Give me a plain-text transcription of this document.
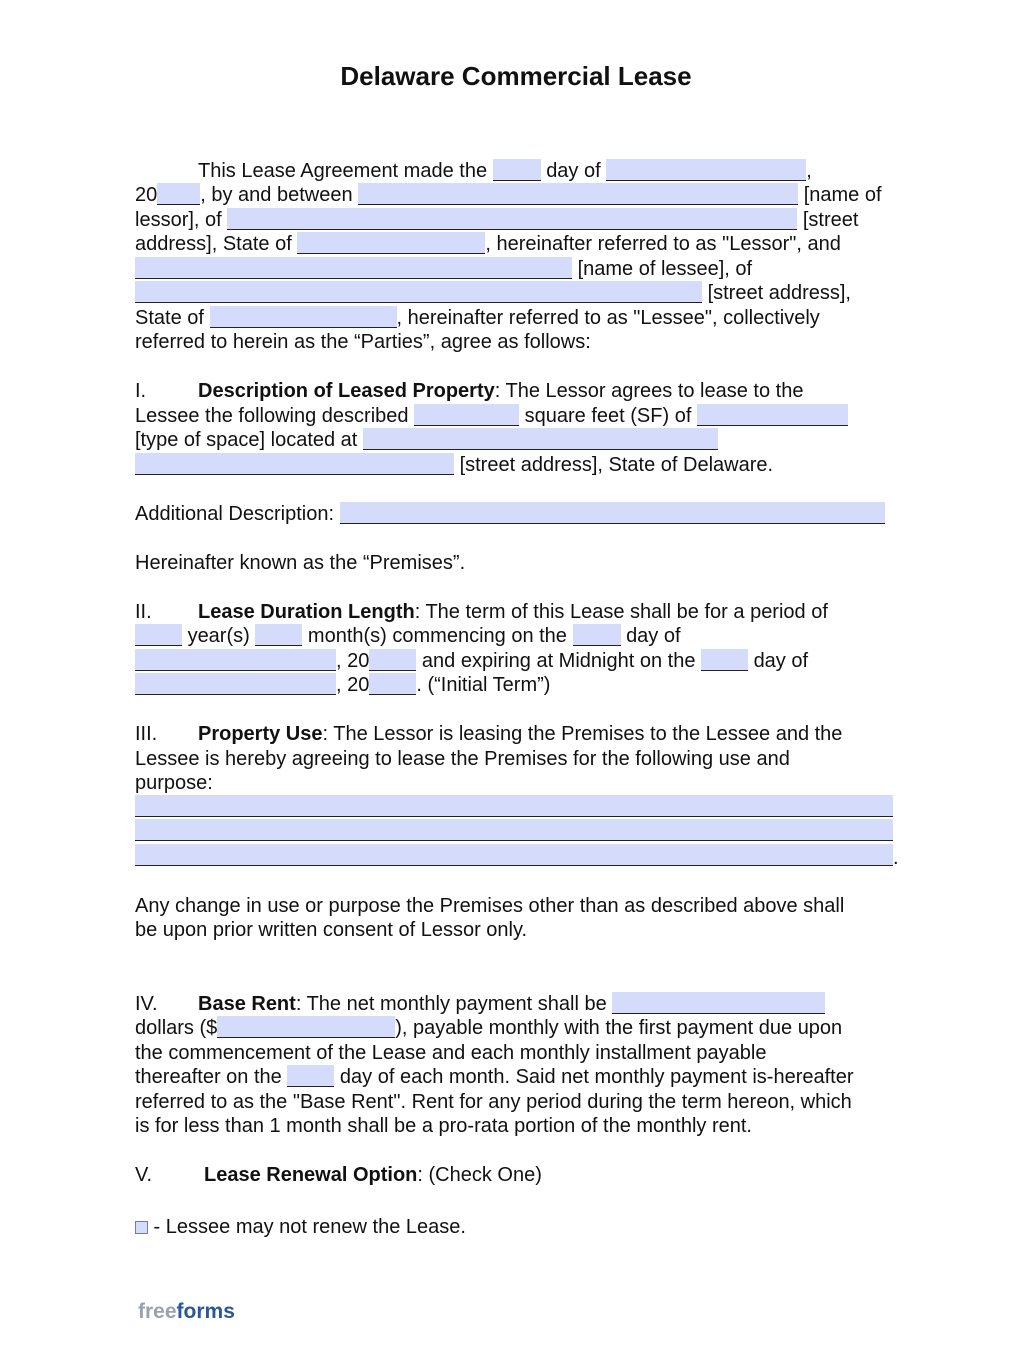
Delaware Commercial Lease
This Lease Agreement made the	day of	,
20 , by and between	[name of
lessor], of	[street
address], State of	, hereinafter referred to as "Lessor", and
[name of lessee], of
[street address],
State of	, hereinafter referred to as "Lessee", collectively
referred to herein as the “Parties”, agree as follows:
I.	Description of Leased Property: The Lessor agrees to lease to the
Lessee the following described	square feet (SF) of
[type of space] located at
[street address], State of Delaware.
Additional Description:
Hereinafter known as the “Premises”.
II. Lease Duration Length: The term of this Lease shall be for a period of
year(s)	month(s) commencing on the	day of
, 20	and expiring at Midnight on the	day of
, 20 . (“Initial Term”)
III. Property Use: The Lessor is leasing the Premises to the Lessee and the
Lessee is hereby agreeing to lease the Premises for the following use and
purpose:
.
Any change in use or purpose the Premises other than as described above shall
be upon prior written consent of Lessor only.
IV. Base Rent: The net monthly payment shall be
dollars ($	), payable monthly with the first payment due upon
the commencement of the Lease and each monthly installment payable
thereafter on the	day of each month. Said net monthly payment is-hereafter
referred to as the "Base Rent". Rent for any period during the term hereon, which
is for less than 1 month shall be a pro-rata portion of the monthly rent.
V.	Lease Renewal Option: (Check One)
- Lessee may not renew the Lease.
freeforms
